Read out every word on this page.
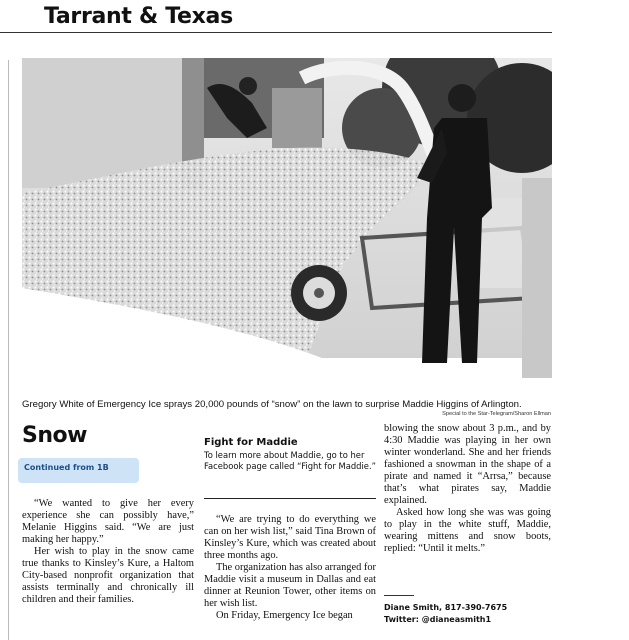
Tarrant & Texas
Gregory White of Emergency Ice sprays 20,000 pounds of “snow” on the lawn to surprise Maddie Higgins of Arlington.
Special to the Star-Telegram/Sharon Ellman
Snow
Continued from 1B

“We wanted to give her every experience she can possibly have,” Melanie Higgins said. “We are just making her happy.”

Her wish to play in the snow came true thanks to Kinsley’s Kure, a Haltom City-based nonprofit organization that assists terminally and chronically ill children and their families.

Fight for Maddie
To learn more about Maddie, go to her Facebook page called “Fight for Maddie.”

“We are trying to do everything we can on her wish list,” said Tina Brown of Kinsley’s Kure, which was created about three months ago.

The organization has also arranged for Maddie visit a museum in Dallas and eat dinner at Reunion Tower, other items on her wish list.

On Friday, Emergency Ice began

blowing the snow about 3 p.m., and by 4:30 Maddie was playing in her own winter wonderland. She and her friends fashioned a snowman in the shape of a pirate and named it “Arrsa,” because that’s what pirates say, Maddie explained.

Asked how long she was was going to play in the white stuff, Maddie, wearing mittens and snow boots, replied: “Until it melts.”

Diane Smith, 817-390-7675
Twitter: @dianeasmith1
